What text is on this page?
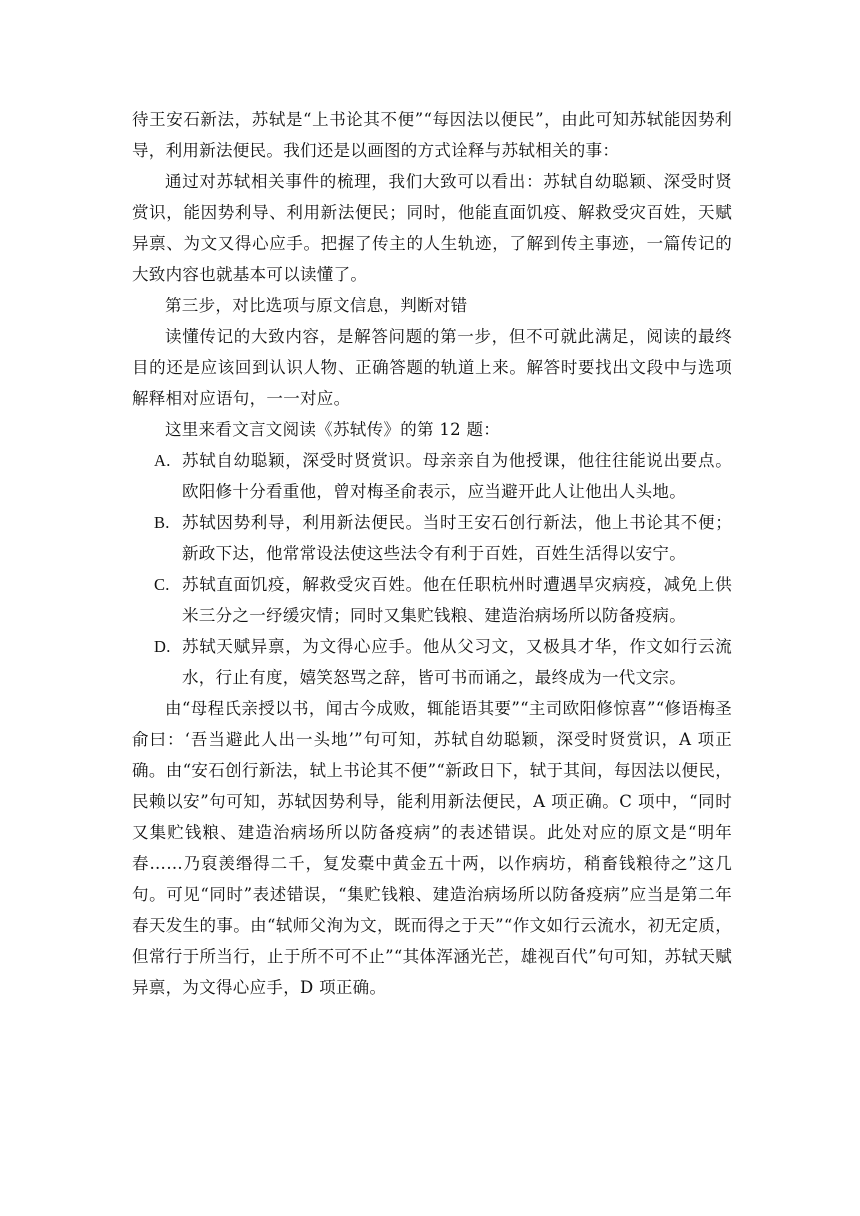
待王安石新法，苏轼是“上书论其不便”“每因法以便民”，由此可知苏轼能因势利导，利用新法便民。我们还是以画图的方式诠释与苏轼相关的事：

通过对苏轼相关事件的梳理，我们大致可以看出：苏轼自幼聪颖、深受时贤赏识，能因势利导、利用新法便民；同时，他能直面饥疫、解救受灾百姓，天赋异禀、为文又得心应手。把握了传主的人生轨迹，了解到传主事迹，一篇传记的大致内容也就基本可以读懂了。

第三步，对比选项与原文信息，判断对错

读懂传记的大致内容，是解答问题的第一步，但不可就此满足，阅读的最终目的还是应该回到认识人物、正确答题的轨道上来。解答时要找出文段中与选项解释相对应语句，一一对应。

这里来看文言文阅读《苏轼传》的第 12 题：

A. 苏轼自幼聪颖，深受时贤赏识。母亲亲自为他授课，他往往能说出要点。欧阳修十分看重他，曾对梅圣俞表示，应当避开此人让他出人头地。
B. 苏轼因势利导，利用新法便民。当时王安石创行新法，他上书论其不便；新政下达，他常常设法使这些法令有利于百姓，百姓生活得以安宁。
C. 苏轼直面饥疫，解救受灾百姓。他在任职杭州时遭遇旱灾病疫，减免上供米三分之一纾缓灾情；同时又集贮钱粮、建造治病场所以防备疫病。
D. 苏轼天赋异禀，为文得心应手。他从父习文，又极具才华，作文如行云流水，行止有度，嬉笑怒骂之辞，皆可书而诵之，最终成为一代文宗。

由“母程氏亲授以书，闻古今成败，辄能语其要”“主司欧阳修惊喜”“修语梅圣俞曰：‘吾当避此人出一头地’”句可知，苏轼自幼聪颖，深受时贤赏识，A 项正确。由“安石创行新法，轼上书论其不便”“新政日下，轼于其间，每因法以便民，民赖以安”句可知，苏轼因势利导，能利用新法便民，A 项正确。C 项中，“同时又集贮钱粮、建造治病场所以防备疫病”的表述错误。此处对应的原文是“明年春……乃裒羡缗得二千，复发橐中黄金五十两，以作病坊，稍畜钱粮待之”这几句。可见“同时”表述错误，“集贮钱粮、建造治病场所以防备疫病”应当是第二年春天发生的事。由“轼师父洵为文，既而得之于天”“作文如行云流水，初无定质，但常行于所当行，止于所不可不止”“其体浑涵光芒，雄视百代”句可知，苏轼天赋异禀，为文得心应手，D 项正确。
